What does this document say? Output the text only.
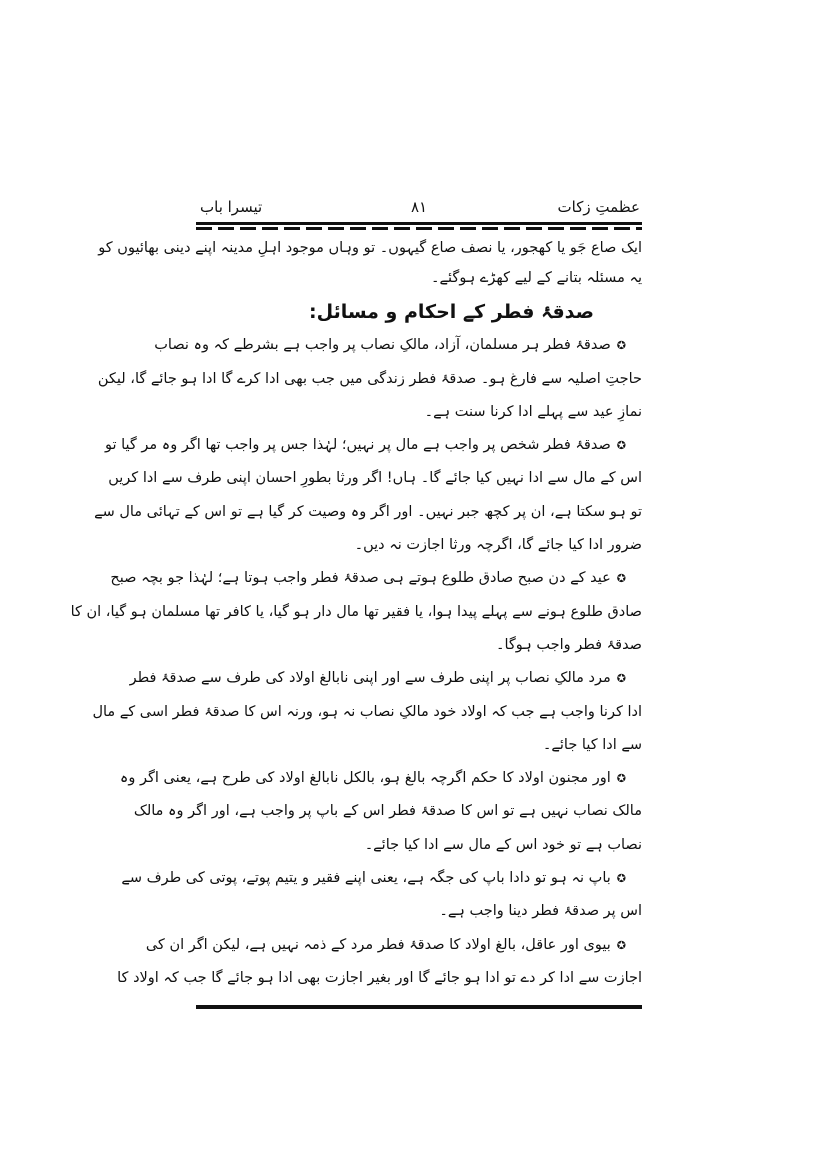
عظمتِ زکات
۸۱
تیسرا باب
ایک صاع جَو یا کھجور، یا نصف صاع گیہوں۔ تو وہاں موجود اہلِ مدینہ اپنے دینی بھائیوں کو
یہ مسئلہ بتانے کے لیے کھڑے ہوگئے۔
صدقۂ فطر کے احکام و مسائل:
✪صدقۂ فطر ہر مسلمان، آزاد، مالکِ نصاب پر واجب ہے بشرطے کہ وہ نصاب
حاجتِ اصلیہ سے فارغ ہو۔ صدقۂ فطر زندگی میں جب بھی ادا کرے گا ادا ہو جائے گا، لیکن
نمازِ عید سے پہلے ادا کرنا سنت ہے۔
✪صدقۂ فطر شخص پر واجب ہے مال پر نہیں؛ لہٰذا جس پر واجب تھا اگر وہ مر گیا تو
اس کے مال سے ادا نہیں کیا جائے گا۔ ہاں! اگر ورثا بطورِ احسان اپنی طرف سے ادا کریں
تو ہو سکتا ہے، ان پر کچھ جبر نہیں۔ اور اگر وہ وصیت کر گیا ہے تو اس کے تہائی مال سے
ضرور ادا کیا جائے گا، اگرچہ ورثا اجازت نہ دیں۔
✪عید کے دن صبح صادق طلوع ہوتے ہی صدقۂ فطر واجب ہوتا ہے؛ لہٰذا جو بچہ صبح
صادق طلوع ہونے سے پہلے پیدا ہوا، یا فقیر تھا مال دار ہو گیا، یا کافر تھا مسلمان ہو گیا، ان کا
صدقۂ فطر واجب ہوگا۔
✪مرد مالکِ نصاب پر اپنی طرف سے اور اپنی نابالغ اولاد کی طرف سے صدقۂ فطر
ادا کرنا واجب ہے جب کہ اولاد خود مالکِ نصاب نہ ہو، ورنہ اس کا صدقۂ فطر اسی کے مال
سے ادا کیا جائے۔
✪اور مجنون اولاد کا حکم اگرچہ بالغ ہو، بالکل نابالغ اولاد کی طرح ہے، یعنی اگر وہ
مالک نصاب نہیں ہے تو اس کا صدقۂ فطر اس کے باپ پر واجب ہے، اور اگر وہ مالک
نصاب ہے تو خود اس کے مال سے ادا کیا جائے۔
✪باپ نہ ہو تو دادا باپ کی جگہ ہے، یعنی اپنے فقیر و یتیم پوتے، پوتی کی طرف سے
اس پر صدقۂ فطر دینا واجب ہے۔
✪بیوی اور عاقل، بالغ اولاد کا صدقۂ فطر مرد کے ذمہ نہیں ہے، لیکن اگر ان کی
اجازت سے ادا کر دے تو ادا ہو جائے گا اور بغیر اجازت بھی ادا ہو جائے گا جب کہ اولاد کا
